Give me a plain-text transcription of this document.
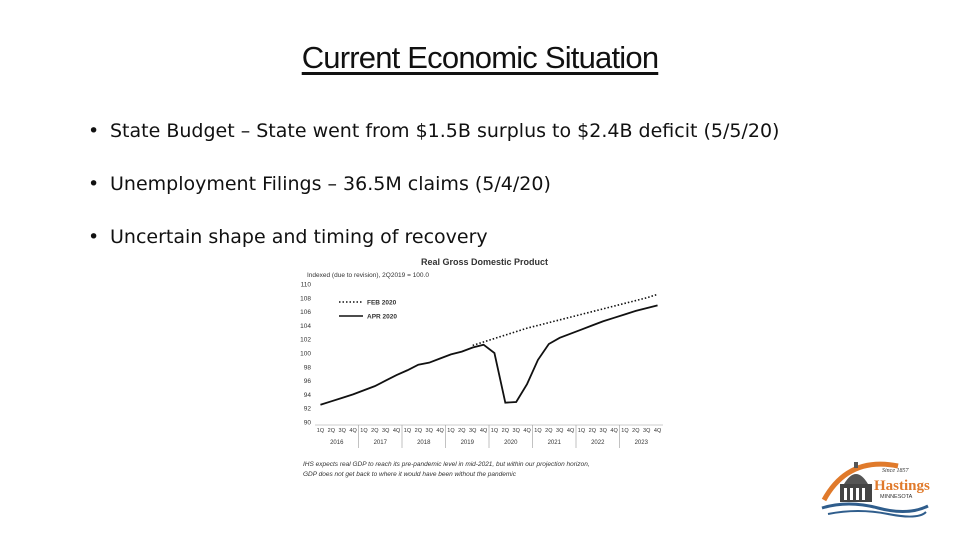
Current Economic Situation
• State Budget – State went from $1.5B surplus to $2.4B deficit (5/5/20)
• Unemployment Filings – 36.5M claims (5/4/20)
• Uncertain shape and timing of recovery
Real Gross Domestic Product
Indexed (due to revision), 2Q2019 = 100.0
90
92
94
96
98
100
102
104
106
108
110
FEB 2020
APR 2020
1Q 2Q 3Q 4Q 1Q 2Q 3Q 4Q 1Q 2Q 3Q 4Q 1Q 2Q 3Q 4Q 1Q 2Q 3Q 4Q 1Q 2Q 3Q 4Q 1Q 2Q 3Q 4Q 1Q 2Q 3Q 4Q
2016	2017	2018	2019	2020	2021	2022	2023
IHS expects real GDP to reach its pre-pandemic level in mid-2021, but within our projection horizon,
GDP does not get back to where it would have been without the pandemic	Since 1857
Hastings
MINNESOTA
